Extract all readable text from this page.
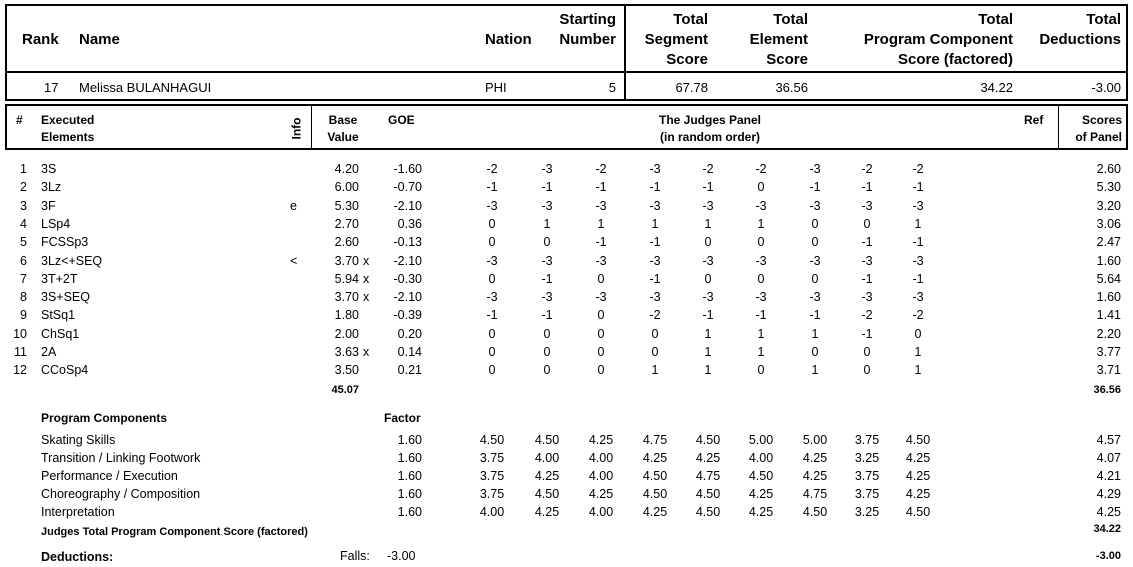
Rank Name	Nation
Starting
Number
Total
Segment
Score
Total
Element
Score
Total
Program Component
Score (factored)
Total
Deductions
17 Melissa BULANHAGUI	PHI	5	67.78	36.56	34.22	-3.00
# Executed
Elements	Info	Base
Value
GOE	The Judges Panel
(in random order)
Ref	Scores
of Panel
1 3S	4.20	-1.60	-2	-3	-2	-3	-2	-2	-3	-2	-2	2.60
2 3Lz	6.00	-0.70	-1	-1	-1	-1	-1	0	-1	-1	-1	5.30
3 3F	e	5.30	-2.10	-3	-3	-3	-3	-3	-3	-3	-3	-3	3.20
4 LSp4	2.70	0.36	0	1	1	1	1	1	0	0	1	3.06
5 FCSSp3	2.60	-0.13	0	0	-1	-1	0	0	0	-1	-1	2.47
6 3Lz<+SEQ	<	3.70 x	-2.10	-3	-3	-3	-3	-3	-3	-3	-3	-3	1.60
7 3T+2T	5.94 x	-0.30	0	-1	0	-1	0	0	0	-1	-1	5.64
8 3S+SEQ	3.70 x	-2.10	-3	-3	-3	-3	-3	-3	-3	-3	-3	1.60
9 StSq1	1.80	-0.39	-1	-1	0	-2	-1	-1	-1	-2	-2	1.41
10 ChSq1	2.00	0.20	0	0	0	0	1	1	1	-1	0	2.20
11 2A	3.63 x	0.14	0	0	0	0	1	1	0	0	1	3.77
12 CCoSp4	3.50	0.21	0	0	0	1	1	0	1	0	1	3.71
45.07	36.56
Program Components	Factor
Skating Skills	1.60	4.50	4.50	4.25	4.75	4.50	5.00	5.00	3.75	4.50	4.57
Transition / Linking Footwork	1.60	3.75	4.00	4.00	4.25	4.25	4.00	4.25	3.25	4.25	4.07
Performance / Execution	1.60	3.75	4.25	4.00	4.50	4.75	4.50	4.25	3.75	4.25	4.21
Choreography / Composition	1.60	3.75	4.50	4.25	4.50	4.50	4.25	4.75	3.75	4.25	4.29
Interpretation	1.60	4.00	4.25	4.00	4.25	4.50	4.25	4.50	3.25	4.50	4.25
Judges Total Program Component Score (factored)	34.22
Deductions:	Falls: -3.00	-3.00
